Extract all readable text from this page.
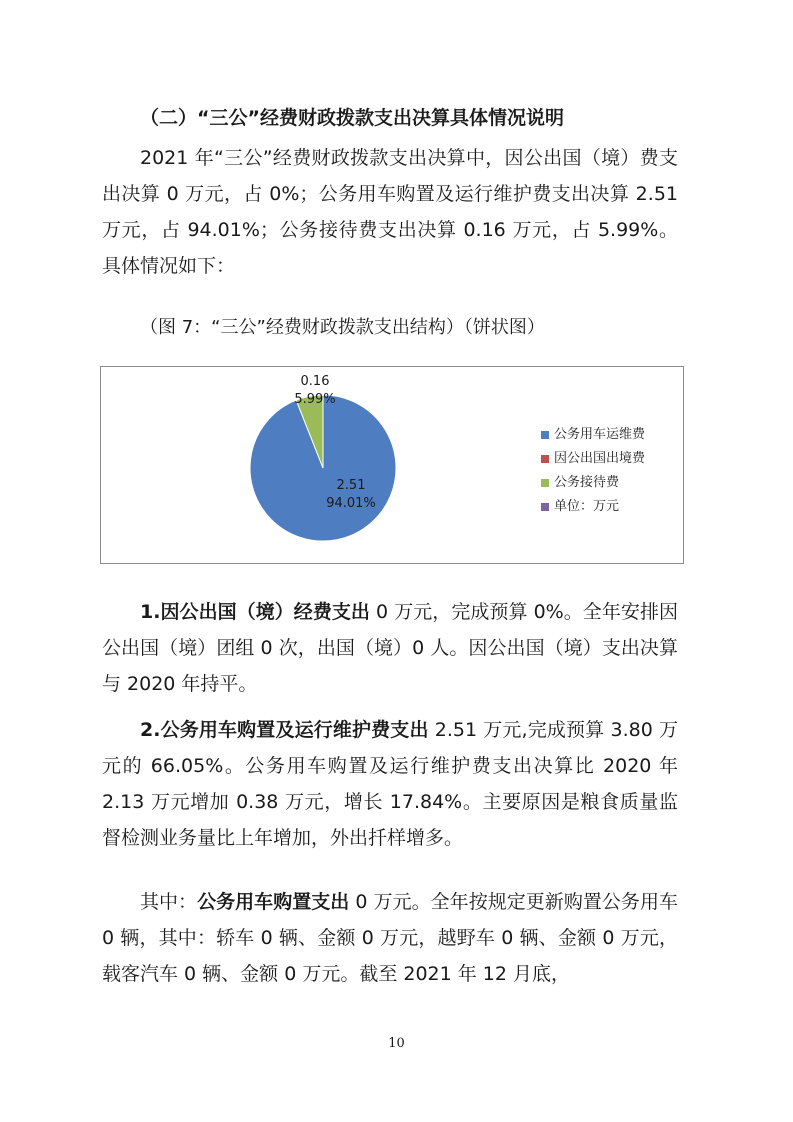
（二）“三公”经费财政拨款支出决算具体情况说明
2021 年“三公”经费财政拨款支出决算中，因公出国（境）费支出决算 0 万元，占 0%；公务用车购置及运行维护费支出决算 2.51 万元，占 94.01%；公务接待费支出决算 0.16 万元，占 5.99%。具体情况如下：
（图 7：“三公”经费财政拨款支出结构）（饼状图）
2.51
94.01%
0.16
5.99%
公务用车运维费
因公出国出境费
公务接待费
单位：万元
1.因公出国（境）经费支出 0 万元，完成预算 0%。全年安排因公出国（境）团组 0 次，出国（境）0 人。因公出国（境）支出决算与 2020 年持平。
2.公务用车购置及运行维护费支出 2.51 万元,完成预算 3.80 万元的 66.05%。公务用车购置及运行维护费支出决算比 2020 年 2.13 万元增加 0.38 万元，增长 17.84%。主要原因是粮食质量监督检测业务量比上年增加，外出扦样增多。
其中：公务用车购置支出 0 万元。全年按规定更新购置公务用车 0 辆，其中：轿车 0 辆、金额 0 万元，越野车 0 辆、金额 0 万元，载客汽车 0 辆、金额 0 万元。截至 2021 年 12 月底，
10
